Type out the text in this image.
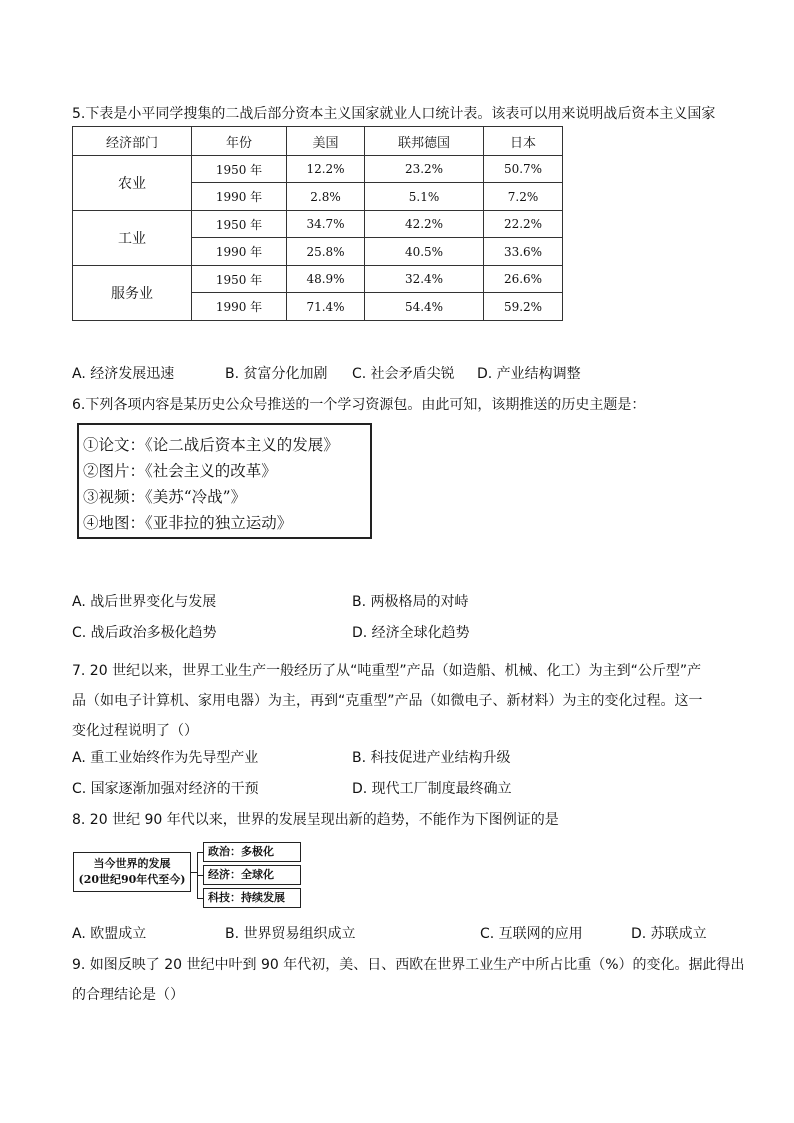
5.下表是小平同学搜集的二战后部分资本主义国家就业人口统计表。该表可以用来说明战后资本主义国家
经济部门	年份	美国	联邦德国	日本
农业	1950 年	12.2%	23.2%	50.7%
	1990 年	2.8%	5.1%	7.2%
工业	1950 年	34.7%	42.2%	22.2%
	1990 年	25.8%	40.5%	33.6%
服务业	1950 年	48.9%	32.4%	26.6%
	1990 年	71.4%	54.4%	59.2%
A. 经济发展迅速	B. 贫富分化加剧 C. 社会矛盾尖锐 D. 产业结构调整
6.下列各项内容是某历史公众号推送的一个学习资源包。由此可知，该期推送的历史主题是：
①论文：《论二战后资本主义的发展》
②图片：《社会主义的改革》
③视频：《美苏“冷战”》
④地图：《亚非拉的独立运动》
A. 战后世界变化与发展	B. 两极格局的对峙
C. 战后政治多极化趋势	D. 经济全球化趋势
7. 20 世纪以来，世界工业生产一般经历了从“吨重型”产品（如造船、机械、化工）为主到“公斤型”产
品（如电子计算机、家用电器）为主，再到“克重型”产品（如微电子、新材料）为主的变化过程。这一
变化过程说明了（）
A. 重工业始终作为先导型产业	B. 科技促进产业结构升级
C. 国家逐渐加强对经济的干预	D. 现代工厂制度最终确立
8. 20 世纪 90 年代以来，世界的发展呈现出新的趋势，不能作为下图例证的是
当今世界的发展
(20世纪90年代至今)
政治：多极化
经济：全球化
科技：持续发展
A. 欧盟成立	B. 世界贸易组织成立	C. 互联网的应用	D. 苏联成立
9. 如图反映了 20 世纪中叶到 90 年代初，美、日、西欧在世界工业生产中所占比重（%）的变化。据此得出
的合理结论是（）
